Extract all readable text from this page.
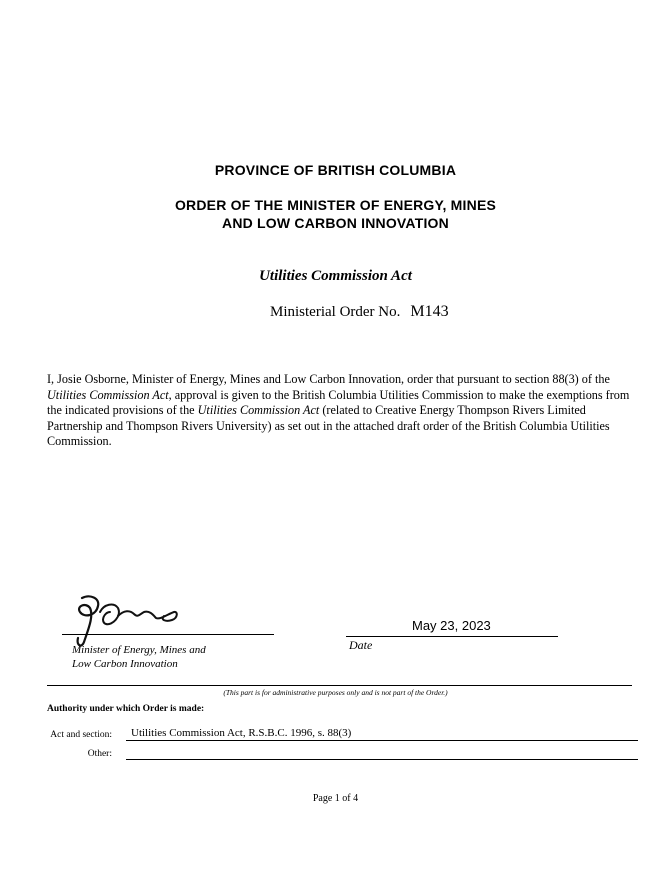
PROVINCE OF BRITISH COLUMBIA
ORDER OF THE MINISTER OF ENERGY, MINES
AND LOW CARBON INNOVATION
Utilities Commission Act
Ministerial Order No. M143
I, Josie Osborne, Minister of Energy, Mines and Low Carbon Innovation, order that pursuant to section 88(3) of the Utilities Commission Act, approval is given to the British Columbia Utilities Commission to make the exemptions from the indicated provisions of the Utilities Commission Act (related to Creative Energy Thompson Rivers Limited Partnership and Thompson Rivers University) as set out in the attached draft order of the British Columbia Utilities Commission.
Minister of Energy, Mines and
Low Carbon Innovation
May 23, 2023
Date
(This part is for administrative purposes only and is not part of the Order.)
Authority under which Order is made:
Act and section: Utilities Commission Act, R.S.B.C. 1996, s. 88(3)
Other:
Page 1 of 4
